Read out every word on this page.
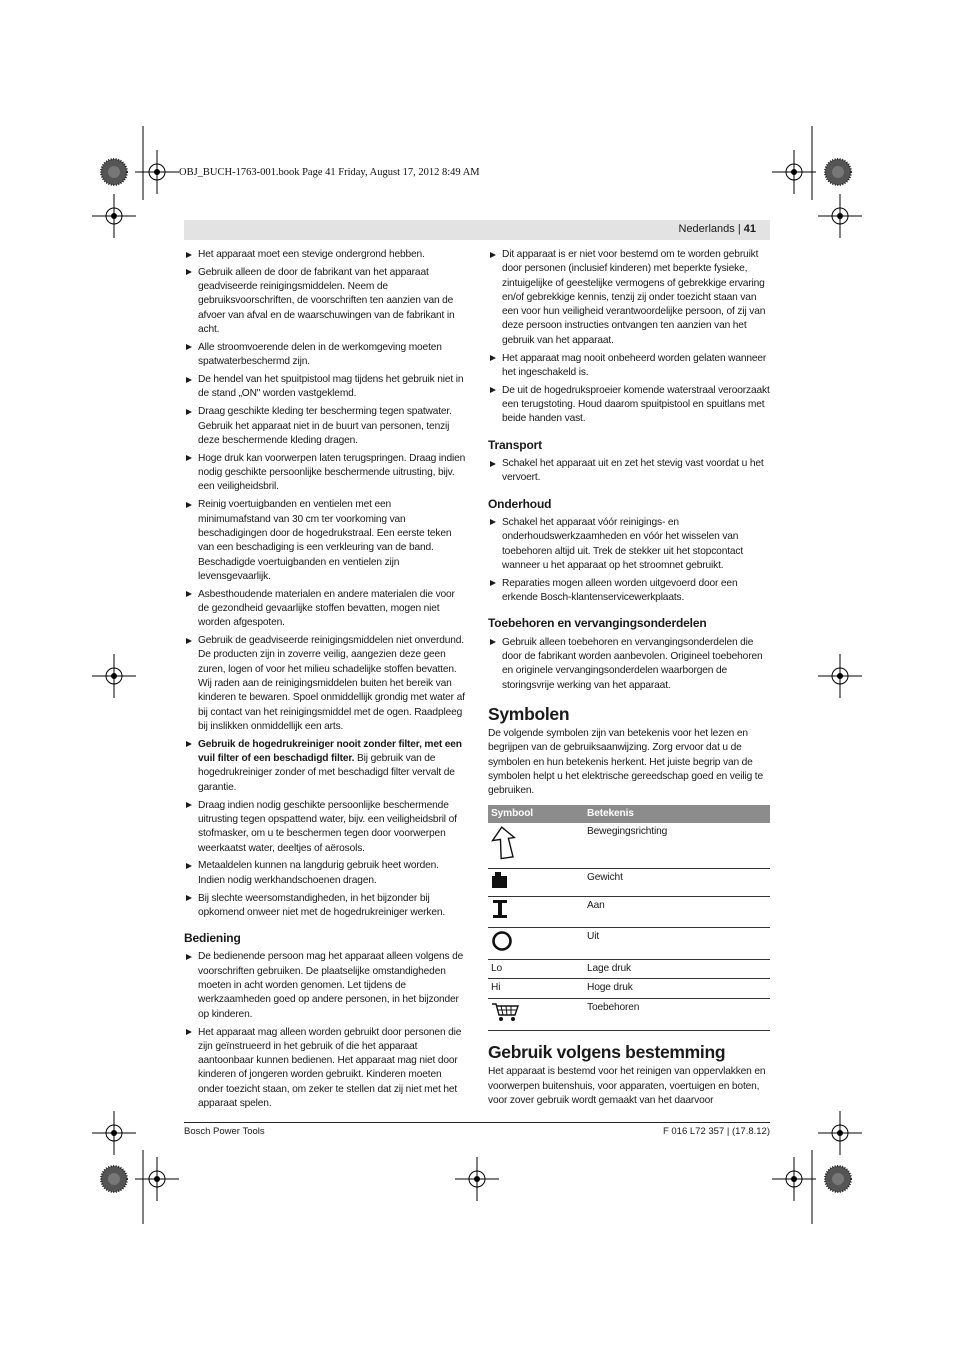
OBJ_BUCH-1763-001.book Page 41 Friday, August 17, 2012 8:49 AM
Nederlands | 41
Het apparaat moet een stevige ondergrond hebben.
Gebruik alleen de door de fabrikant van het apparaat geadviseerde reinigingsmiddelen. Neem de gebruiksvoorschriften, de voorschriften ten aanzien van de afvoer van afval en de waarschuwingen van de fabrikant in acht.
Alle stroomvoerende delen in de werkomgeving moeten spatwaterbeschermd zijn.
De hendel van het spuitpistool mag tijdens het gebruik niet in de stand „ON" worden vastgeklemd.
Draag geschikte kleding ter bescherming tegen spatwater. Gebruik het apparaat niet in de buurt van personen, tenzij deze beschermende kleding dragen.
Hoge druk kan voorwerpen laten terugspringen. Draag indien nodig geschikte persoonlijke beschermende uitrusting, bijv. een veiligheidsbril.
Reinig voertuigbanden en ventielen met een minimumafstand van 30 cm ter voorkoming van beschadigingen door de hogedrukstraal. Een eerste teken van een beschadiging is een verkleuring van de band. Beschadigde voertuigbanden en ventielen zijn levensgevaarlijk.
Asbesthoudende materialen en andere materialen die voor de gezondheid gevaarlijke stoffen bevatten, mogen niet worden afgespoten.
Gebruik de geadviseerde reinigingsmiddelen niet onverdund. De producten zijn in zoverre veilig, aangezien deze geen zuren, logen of voor het milieu schadelijke stoffen bevatten. Wij raden aan de reinigingsmiddelen buiten het bereik van kinderen te bewaren. Spoel onmiddellijk grondig met water af bij contact van het reinigingsmiddel met de ogen. Raadpleeg bij inslikken onmiddellijk een arts.
Gebruik de hogedrukreiniger nooit zonder filter, met een vuil filter of een beschadigd filter. Bij gebruik van de hogedrukreiniger zonder of met beschadigd filter vervalt de garantie.
Draag indien nodig geschikte persoonlijke beschermende uitrusting tegen opspattend water, bijv. een veiligheidsbril of stofmasker, om u te beschermen tegen door voorwerpen weerkaatst water, deeltjes of aërosols.
Metaaldelen kunnen na langdurig gebruik heet worden. Indien nodig werkhandschoenen dragen.
Bij slechte weersomstandigheden, in het bijzonder bij opkomend onweer niet met de hogedrukreiniger werken.
Bediening
De bedienende persoon mag het apparaat alleen volgens de voorschriften gebruiken. De plaatselijke omstandigheden moeten in acht worden genomen. Let tijdens de werkzaamheden goed op andere personen, in het bijzonder op kinderen.
Het apparaat mag alleen worden gebruikt door personen die zijn geïnstrueerd in het gebruik of die het apparaat aantoonbaar kunnen bedienen. Het apparaat mag niet door kinderen of jongeren worden gebruikt. Kinderen moeten onder toezicht staan, om zeker te stellen dat zij niet met het apparaat spelen.
Dit apparaat is er niet voor bestemd om te worden gebruikt door personen (inclusief kinderen) met beperkte fysieke, zintuigelijke of geestelijke vermogens of gebrekkige ervaring en/of gebrekkige kennis, tenzij zij onder toezicht staan van een voor hun veiligheid verantwoordelijke persoon, of zij van deze persoon instructies ontvangen ten aanzien van het gebruik van het apparaat.
Het apparaat mag nooit onbeheerd worden gelaten wanneer het ingeschakeld is.
De uit de hogedruksproeier komende waterstraal veroorzaakt een terugstoting. Houd daarom spuitpistool en spuitlans met beide handen vast.
Transport
Schakel het apparaat uit en zet het stevig vast voordat u het vervoert.
Onderhoud
Schakel het apparaat vóór reinigings- en onderhoudswerkzaamheden en vóór het wisselen van toebehoren altijd uit. Trek de stekker uit het stopcontact wanneer u het apparaat op het stroomnet gebruikt.
Reparaties mogen alleen worden uitgevoerd door een erkende Bosch-klantenservicewerkplaats.
Toebehoren en vervangingsonderdelen
Gebruik alleen toebehoren en vervangingsonderdelen die door de fabrikant worden aanbevolen. Origineel toebehoren en originele vervangingsonderdelen waarborgen de storingsvrije werking van het apparaat.
Symbolen

De volgende symbolen zijn van betekenis voor het lezen en begrijpen van de gebruiksaanwijzing. Zorg ervoor dat u de symbolen en hun betekenis herkent. Het juiste begrip van de symbolen helpt u het elektrische gereedschap goed en veilig te gebruiken.

Symbool	Betekenis
	Bewegingsrichting
	Gewicht
	Aan
	Uit
Lo	Lage druk
Hi	Hoge druk
	Toebehoren
Gebruik volgens bestemming

Het apparaat is bestemd voor het reinigen van oppervlakken en voorwerpen buitenshuis, voor apparaten, voertuigen en boten, voor zover gebruik wordt gemaakt van het daarvoor

Bosch Power Tools	F 016 L72 357 | (17.8.12)
